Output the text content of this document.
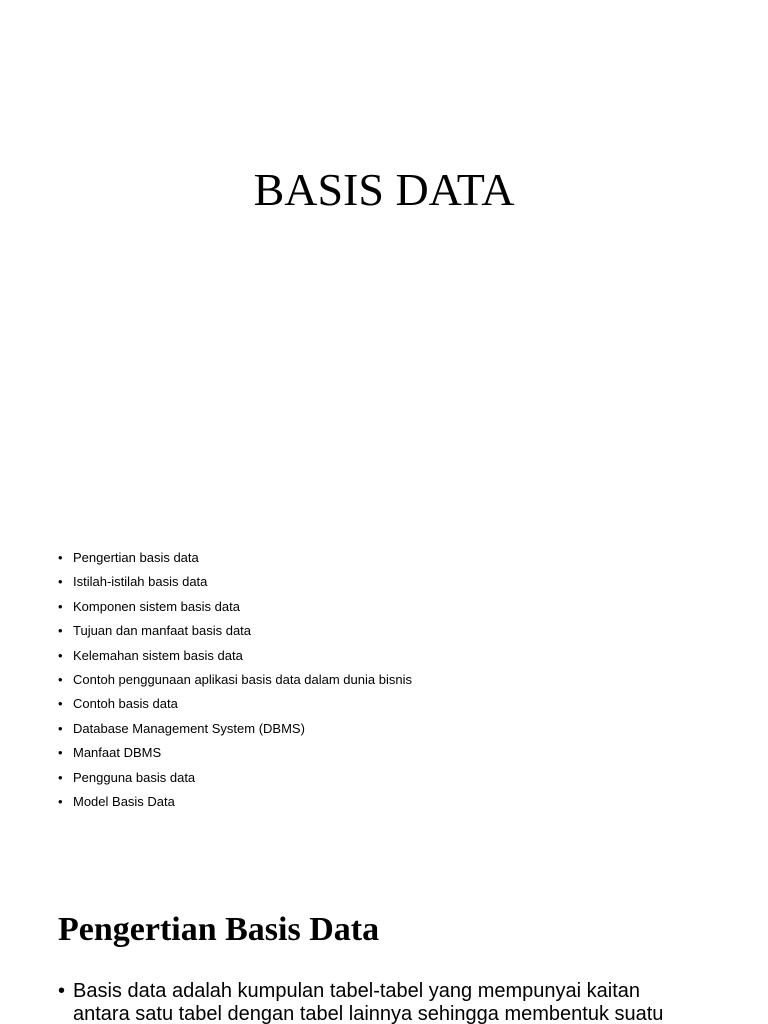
BASIS DATA
• Pengertian basis data
• Istilah-istilah basis data
• Komponen sistem basis data
• Tujuan dan manfaat basis data
• Kelemahan sistem basis data
• Contoh penggunaan aplikasi basis data dalam dunia bisnis
• Contoh basis data
• Database Management System (DBMS)
• Manfaat DBMS
• Pengguna basis data
• Model Basis Data
Pengertian Basis Data
• Basis data adalah kumpulan tabel-tabel yang mempunyai kaitan antara satu tabel dengan tabel lainnya sehingga membentuk suatu
